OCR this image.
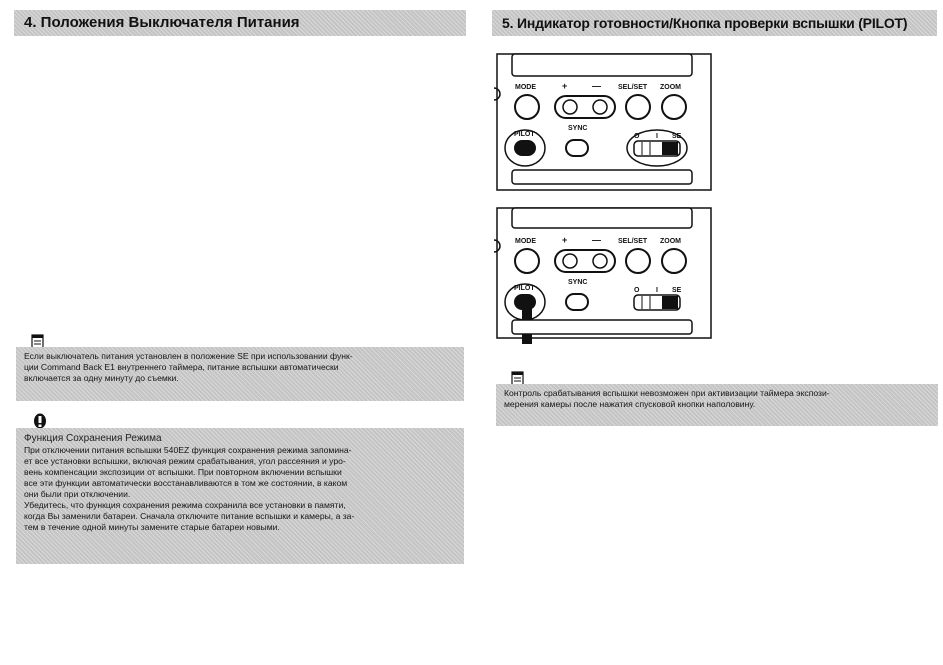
4. Положения Выключателя Питания	5. Индикатор готовности/Кнопка проверки вспышки (PILOT)
MODE	+	— SEL/SET ZOOM
SYNC
PILOT	O I SE
MODE	+	— SEL/SET ZOOM
SYNC
PILOT	O I SE
Если выключатель питания установлен в положение SE при использовании функ-
ции Command Back E1 внутреннего таймера, питание вспышки автоматически
включается за одну минуту до съемки.
Функция Сохранения Режима

При отключении питания вспышки 540EZ функция сохранения режима запомина-

ет все установки вспышки, включая режим срабатывания, угол рассеяния и уро-

вень компенсации экспозиции от вспышки. При повторном включении вспышки

все эти функции автоматически восстанавливаются в том же состоянии, в каком

они были при отключении.

Убедитесь, что функция сохранения режима сохранила все установки в памяти,

когда Вы заменили батареи. Сначала отключите питание вспышки и камеры, а за-

тем в течение одной минуты замените старые батареи новыми.

Контроль срабатывания вспышки невозможен при активизации таймера экспози-
мерения камеры после нажатия спусковой кнопки наполовину.
